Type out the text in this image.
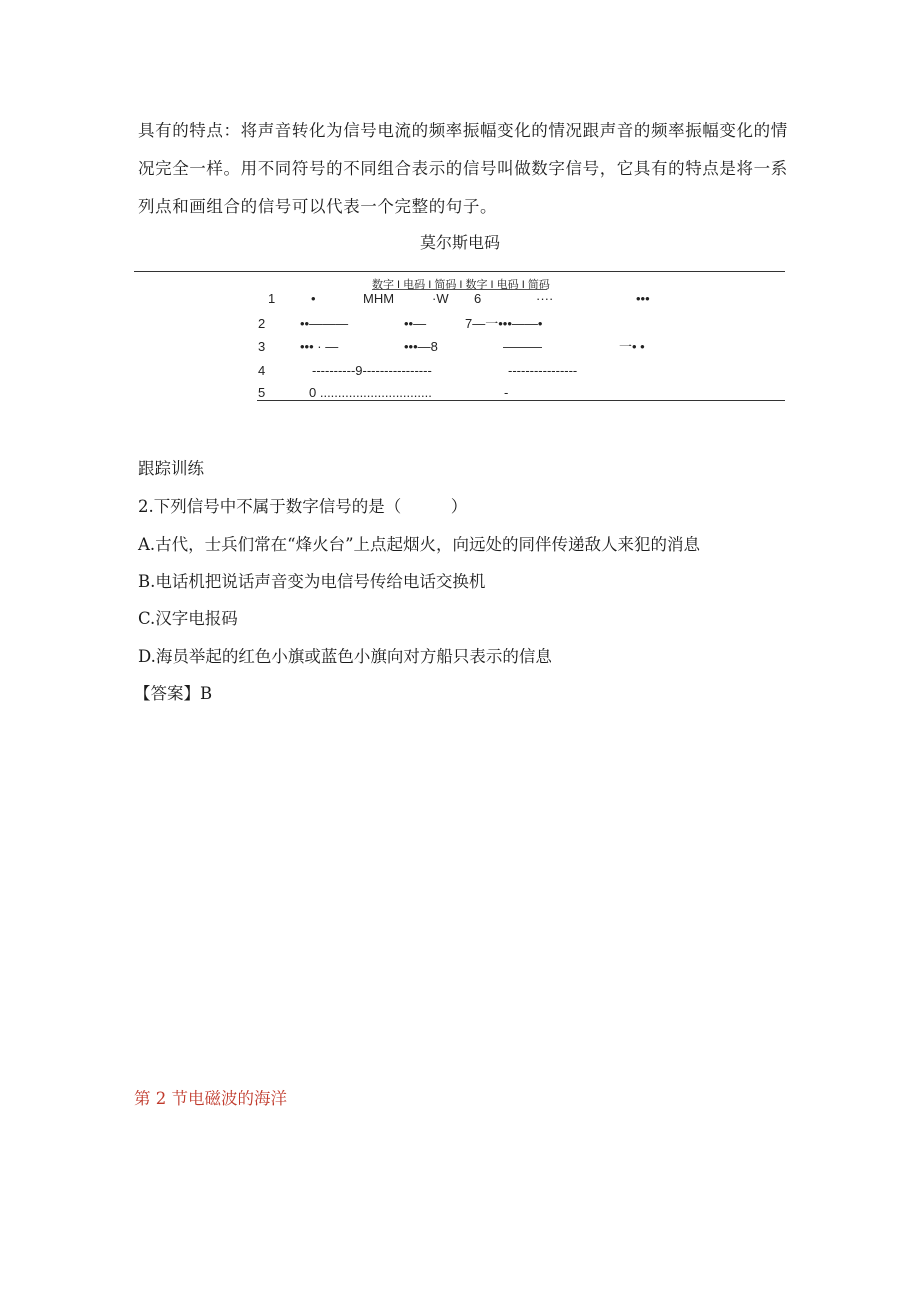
具有的特点：将声音转化为信号电流的频率振幅变化的情况跟声音的频率振幅变化的情
况完全一样。用不同符号的不同组合表示的信号叫做数字信号，它具有的特点是将一系
列点和画组合的信号可以代表一个完整的句子。
莫尔斯电码
数字 I 电码 I 简码 I 数字 I 电码 I 简码
1	•	MHM	·W 6	····	•••
2	••———	••—	7—一•••——•
3	••• · —	•••—8	———	一• •
4	----------9----------------	----------------
5	0 ...............................	-
跟踪训练
2.下列信号中不属于数字信号的是（　　　）
A.古代，士兵们常在“烽火台”上点起烟火，向远处的同伴传递敌人来犯的消息
B.电话机把说话声音变为电信号传给电话交换机
C.汉字电报码
D.海员举起的红色小旗或蓝色小旗向对方船只表示的信息
【答案】B
第 2 节电磁波的海洋
